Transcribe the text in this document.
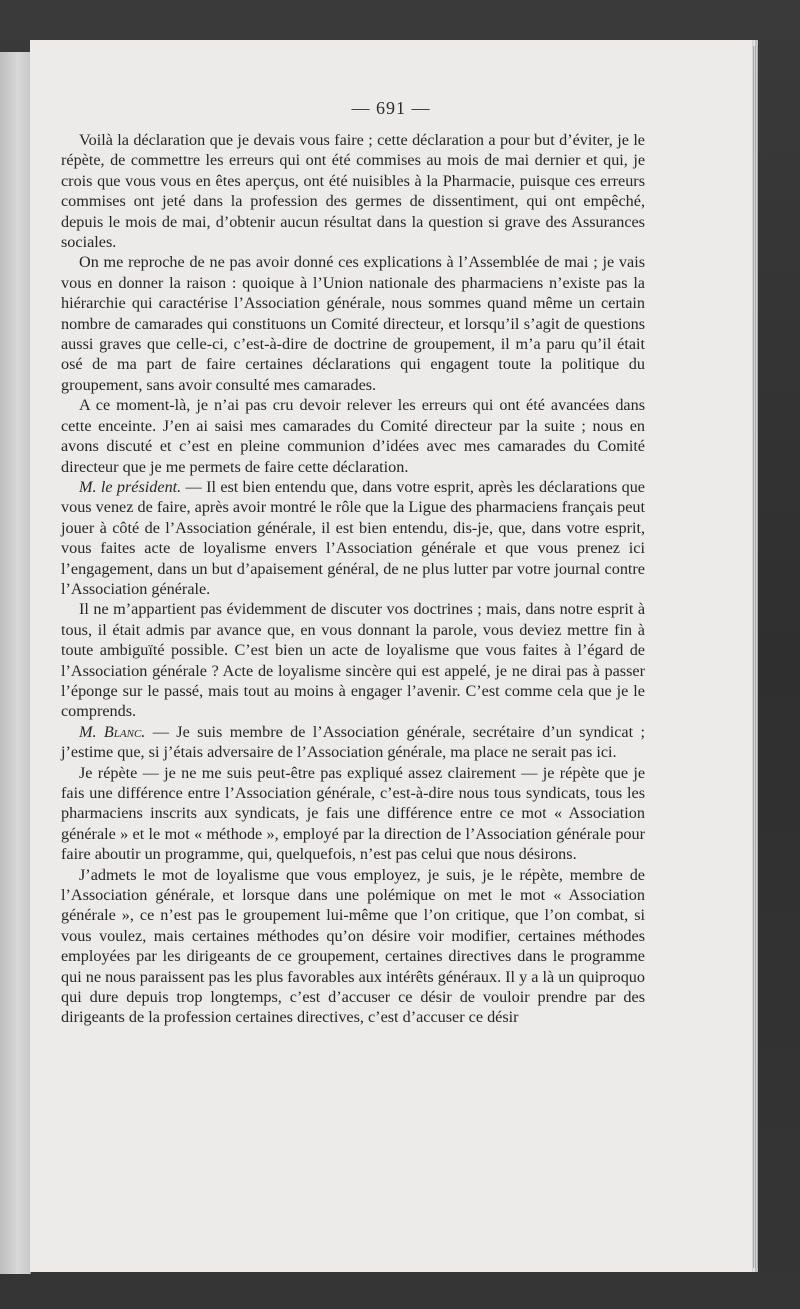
— 691 —

Voilà la déclaration que je devais vous faire ; cette déclaration a pour but d’éviter, je le répète, de commettre les erreurs qui ont été commises au mois de mai dernier et qui, je crois que vous vous en êtes aperçus, ont été nuisibles à la Pharmacie, puisque ces erreurs commises ont jeté dans la profession des germes de dissentiment, qui ont empêché, depuis le mois de mai, d’obtenir aucun résultat dans la question si grave des Assurances sociales.

On me reproche de ne pas avoir donné ces explications à l’Assemblée de mai ; je vais vous en donner la raison : quoique à l’Union nationale des pharmaciens n’existe pas la hiérarchie qui caractérise l’Association générale, nous sommes quand même un certain nombre de camarades qui constituons un Comité directeur, et lorsqu’il s’agit de questions aussi graves que celle-ci, c’est-à-dire de doctrine de groupement, il m’a paru qu’il était osé de ma part de faire certaines déclarations qui engagent toute la politique du groupement, sans avoir consulté mes camarades.

A ce moment-là, je n’ai pas cru devoir relever les erreurs qui ont été avancées dans cette enceinte. J’en ai saisi mes camarades du Comité directeur par la suite ; nous en avons discuté et c’est en pleine communion d’idées avec mes camarades du Comité directeur que je me permets de faire cette déclaration.

M. le président. — Il est bien entendu que, dans votre esprit, après les déclarations que vous venez de faire, après avoir montré le rôle que la Ligue des pharmaciens français peut jouer à côté de l’Association générale, il est bien entendu, dis-je, que, dans votre esprit, vous faites acte de loyalisme envers l’Association générale et que vous prenez ici l’engagement, dans un but d’apaisement général, de ne plus lutter par votre journal contre l’Association générale.

Il ne m’appartient pas évidemment de discuter vos doctrines ; mais, dans notre esprit à tous, il était admis par avance que, en vous donnant la parole, vous deviez mettre fin à toute ambiguïté possible. C’est bien un acte de loyalisme que vous faites à l’égard de l’Association générale ? Acte de loyalisme sincère qui est appelé, je ne dirai pas à passer l’éponge sur le passé, mais tout au moins à engager l’avenir. C’est comme cela que je le comprends.

M. Blanc. — Je suis membre de l’Association générale, secrétaire d’un syndicat ; j’estime que, si j’étais adversaire de l’Association générale, ma place ne serait pas ici.

Je répète — je ne me suis peut-être pas expliqué assez clairement — je répète que je fais une différence entre l’Association générale, c’est-à-dire nous tous syndicats, tous les pharmaciens inscrits aux syndicats, je fais une différence entre ce mot « Association générale » et le mot « méthode », employé par la direction de l’Association générale pour faire aboutir un programme, qui, quelquefois, n’est pas celui que nous désirons.

J’admets le mot de loyalisme que vous employez, je suis, je le répète, membre de l’Association générale, et lorsque dans une polémique on met le mot « Association générale », ce n’est pas le groupement lui-même que l’on critique, que l’on combat, si vous voulez, mais certaines méthodes qu’on désire voir modifier, certaines méthodes employées par les dirigeants de ce groupement, certaines directives dans le programme qui ne nous paraissent pas les plus favorables aux intérêts généraux. Il y a là un quiproquo qui dure depuis trop longtemps, c’est d’accuser ce désir de vouloir prendre par des dirigeants de la profession certaines directives, c’est d’accuser ce désir
